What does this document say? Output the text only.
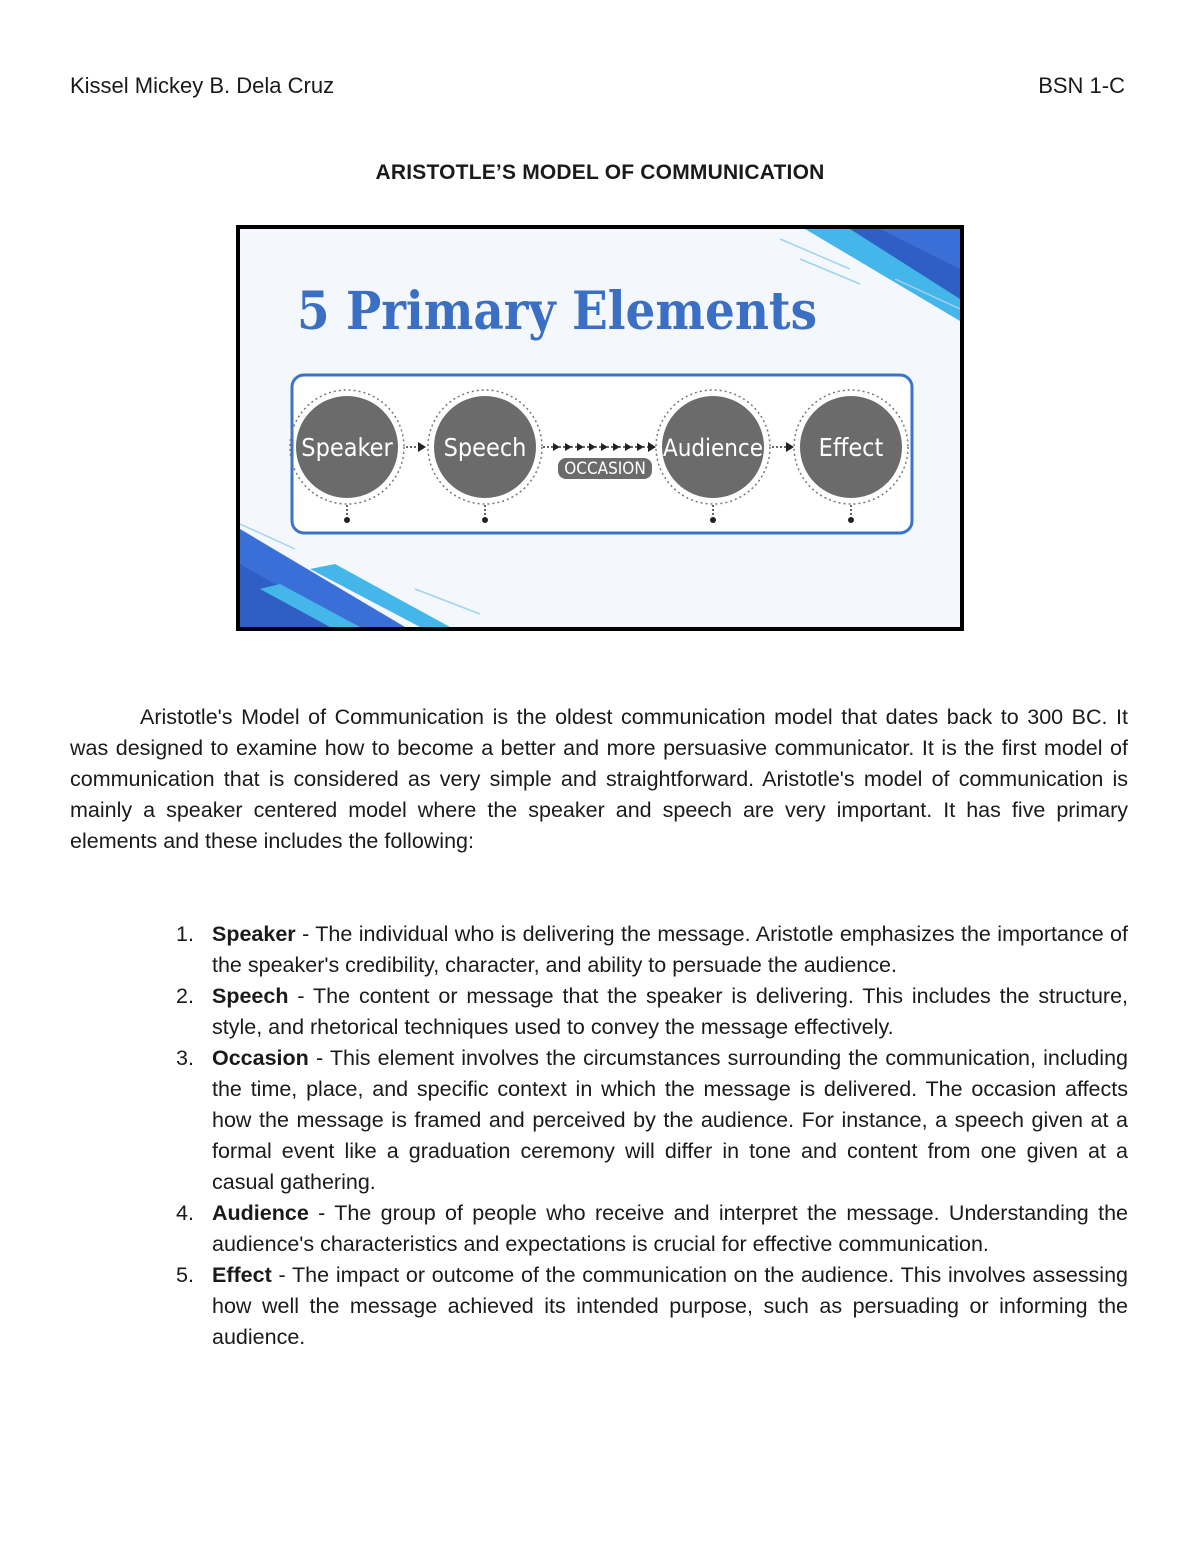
Kissel Mickey B. Dela Cruz	BSN 1-C
ARISTOTLE’S MODEL OF COMMUNICATION
5 Primary Elements
Speaker Speech
OCCASION
Audience Effect

Aristotle's Model of Communication is the oldest communication model that dates back to 300 BC. It was designed to examine how to become a better and more persuasive communicator. It is the first model of communication that is considered as very simple and straightforward. Aristotle's model of communication is mainly a speaker centered model where the speaker and speech are very important. It has five primary elements and these includes the following:

1. Speaker - The individual who is delivering the message. Aristotle emphasizes the importance of the speaker's credibility, character, and ability to persuade the audience.
2. Speech - The content or message that the speaker is delivering. This includes the structure, style, and rhetorical techniques used to convey the message effectively.
3. Occasion - This element involves the circumstances surrounding the communication, including the time, place, and specific context in which the message is delivered. The occasion affects how the message is framed and perceived by the audience. For instance, a speech given at a formal event like a graduation ceremony will differ in tone and content from one given at a casual gathering.
4. Audience - The group of people who receive and interpret the message. Understanding the audience's characteristics and expectations is crucial for effective communication.
5. Effect - The impact or outcome of the communication on the audience. This involves assessing how well the message achieved its intended purpose, such as persuading or informing the audience.
